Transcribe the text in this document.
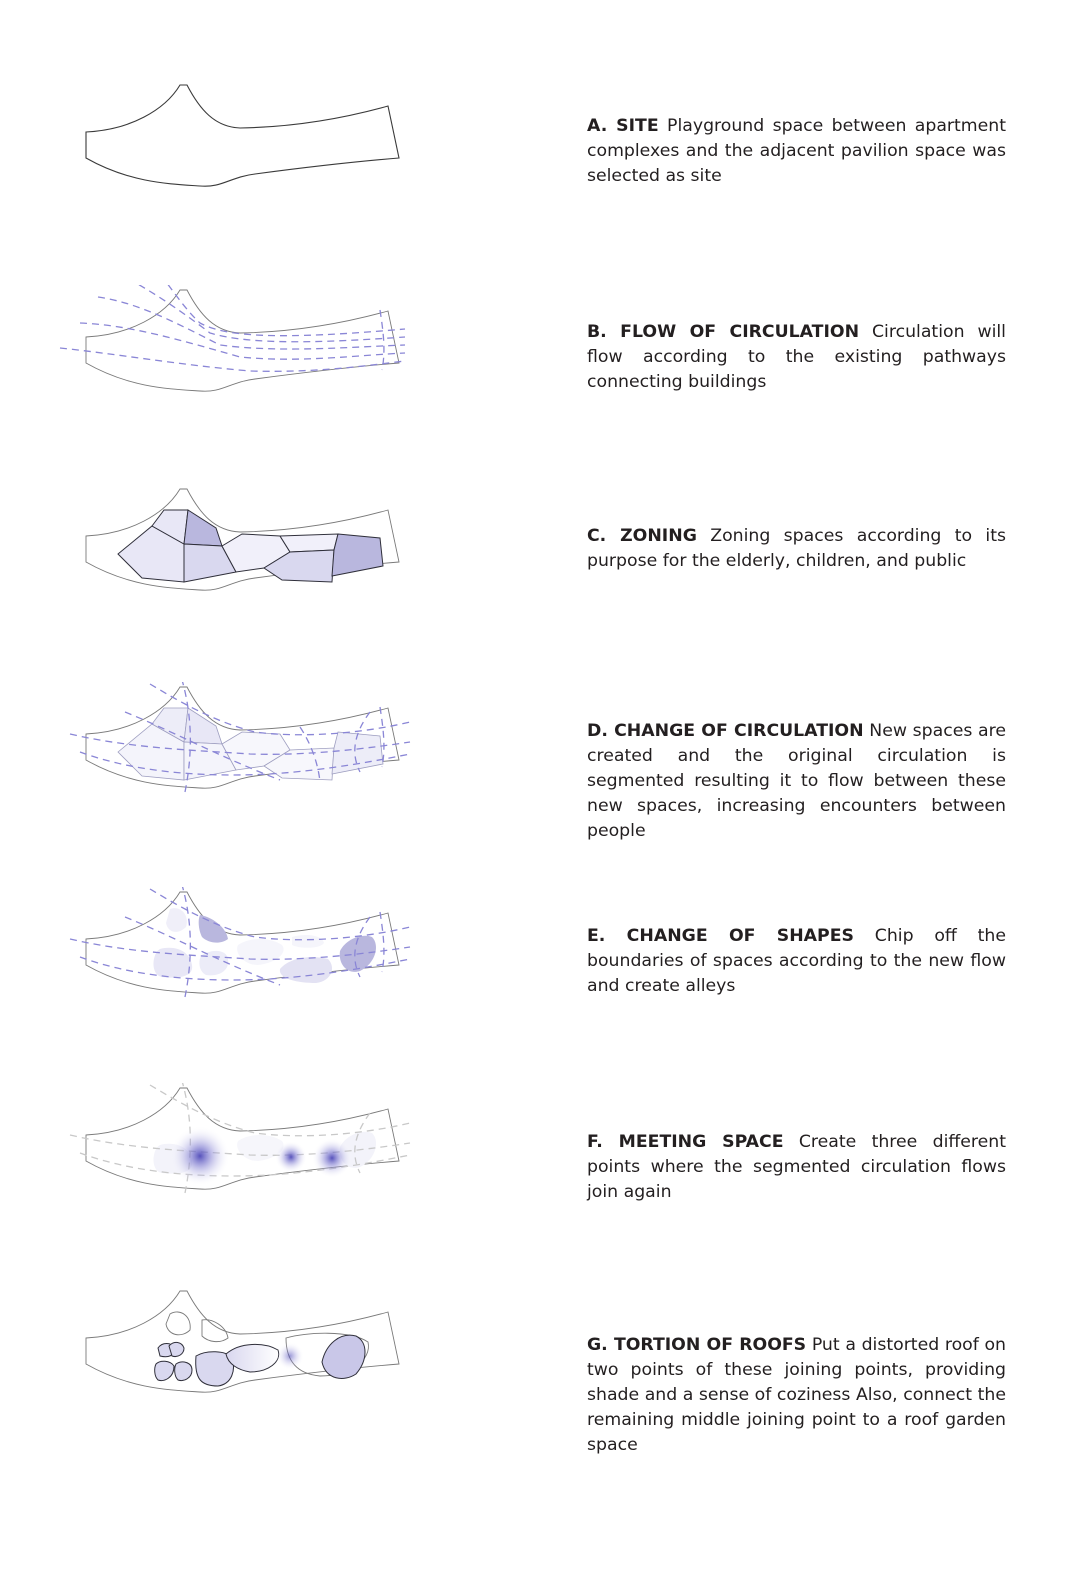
A. SITE Playground space between apartment complexes and the adjacent pavilion space was selected as site

B. FLOW OF CIRCULATION Circulation will flow according to the existing pathways connecting buildings

C. ZONING Zoning spaces according to its purpose for the elderly, children, and public

D. CHANGE OF CIRCULATION New spaces are created and the original circulation is segmented resulting it to flow between these new spaces, increasing encounters between people

E. CHANGE OF SHAPES Chip off the boundaries of spaces according to the new flow and create alleys

F. MEETING SPACE Create three different points where the segmented circulation flows join again

G. TORTION OF ROOFS Put a distorted roof on two points of these joining points, providing shade and a sense of coziness Also, connect the remaining middle joining point to a roof garden space
